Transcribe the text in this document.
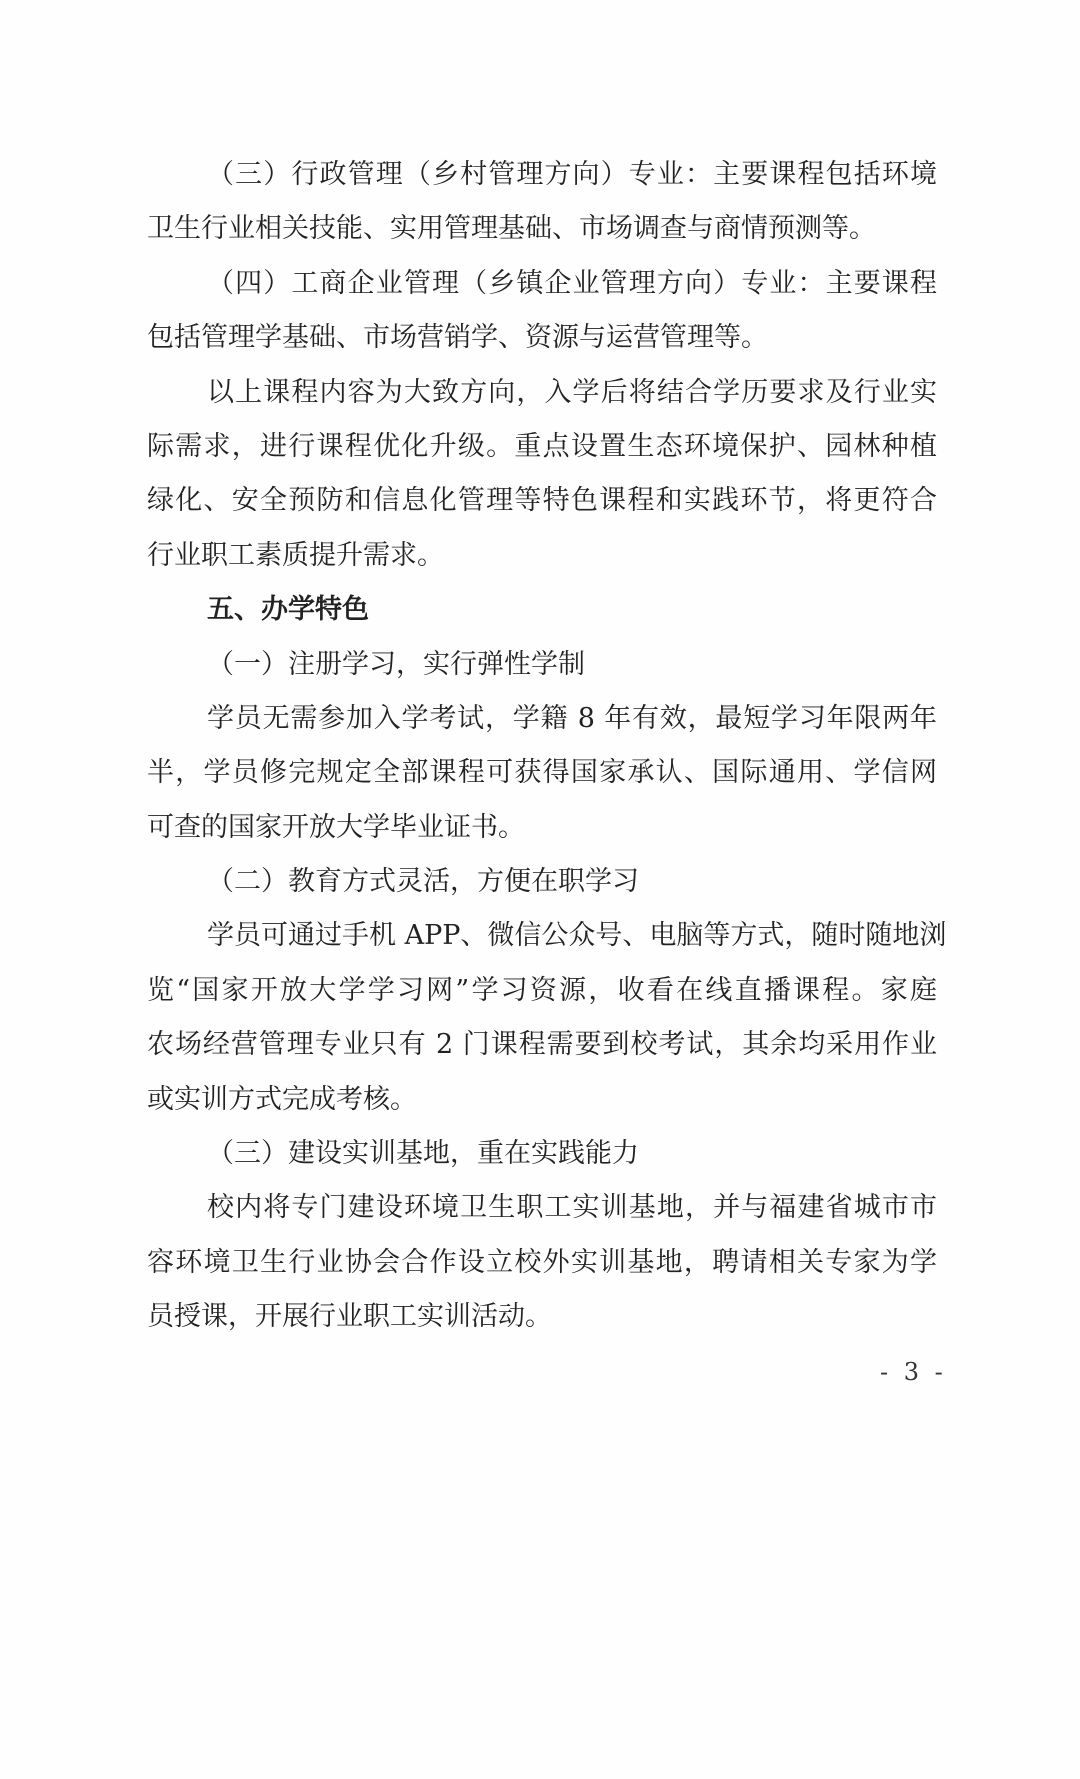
（三）行政管理（乡村管理方向）专业：主要课程包括环境
卫生行业相关技能、实用管理基础、市场调查与商情预测等。
（四）工商企业管理（乡镇企业管理方向）专业：主要课程
包括管理学基础、市场营销学、资源与运营管理等。
以上课程内容为大致方向，入学后将结合学历要求及行业实
际需求，进行课程优化升级。重点设置生态环境保护、园林种植
绿化、安全预防和信息化管理等特色课程和实践环节，将更符合
行业职工素质提升需求。
五、办学特色
（一）注册学习，实行弹性学制
学员无需参加入学考试，学籍 8 年有效，最短学习年限两年
半，学员修完规定全部课程可获得国家承认、国际通用、学信网
可查的国家开放大学毕业证书。
（二）教育方式灵活，方便在职学习
学员可通过手机 APP、微信公众号、电脑等方式，随时随地浏
览“国家开放大学学习网”学习资源，收看在线直播课程。家庭
农场经营管理专业只有 2 门课程需要到校考试，其余均采用作业
或实训方式完成考核。
（三）建设实训基地，重在实践能力
校内将专门建设环境卫生职工实训基地，并与福建省城市市
容环境卫生行业协会合作设立校外实训基地，聘请相关专家为学
员授课，开展行业职工实训活动。
- 3 -
